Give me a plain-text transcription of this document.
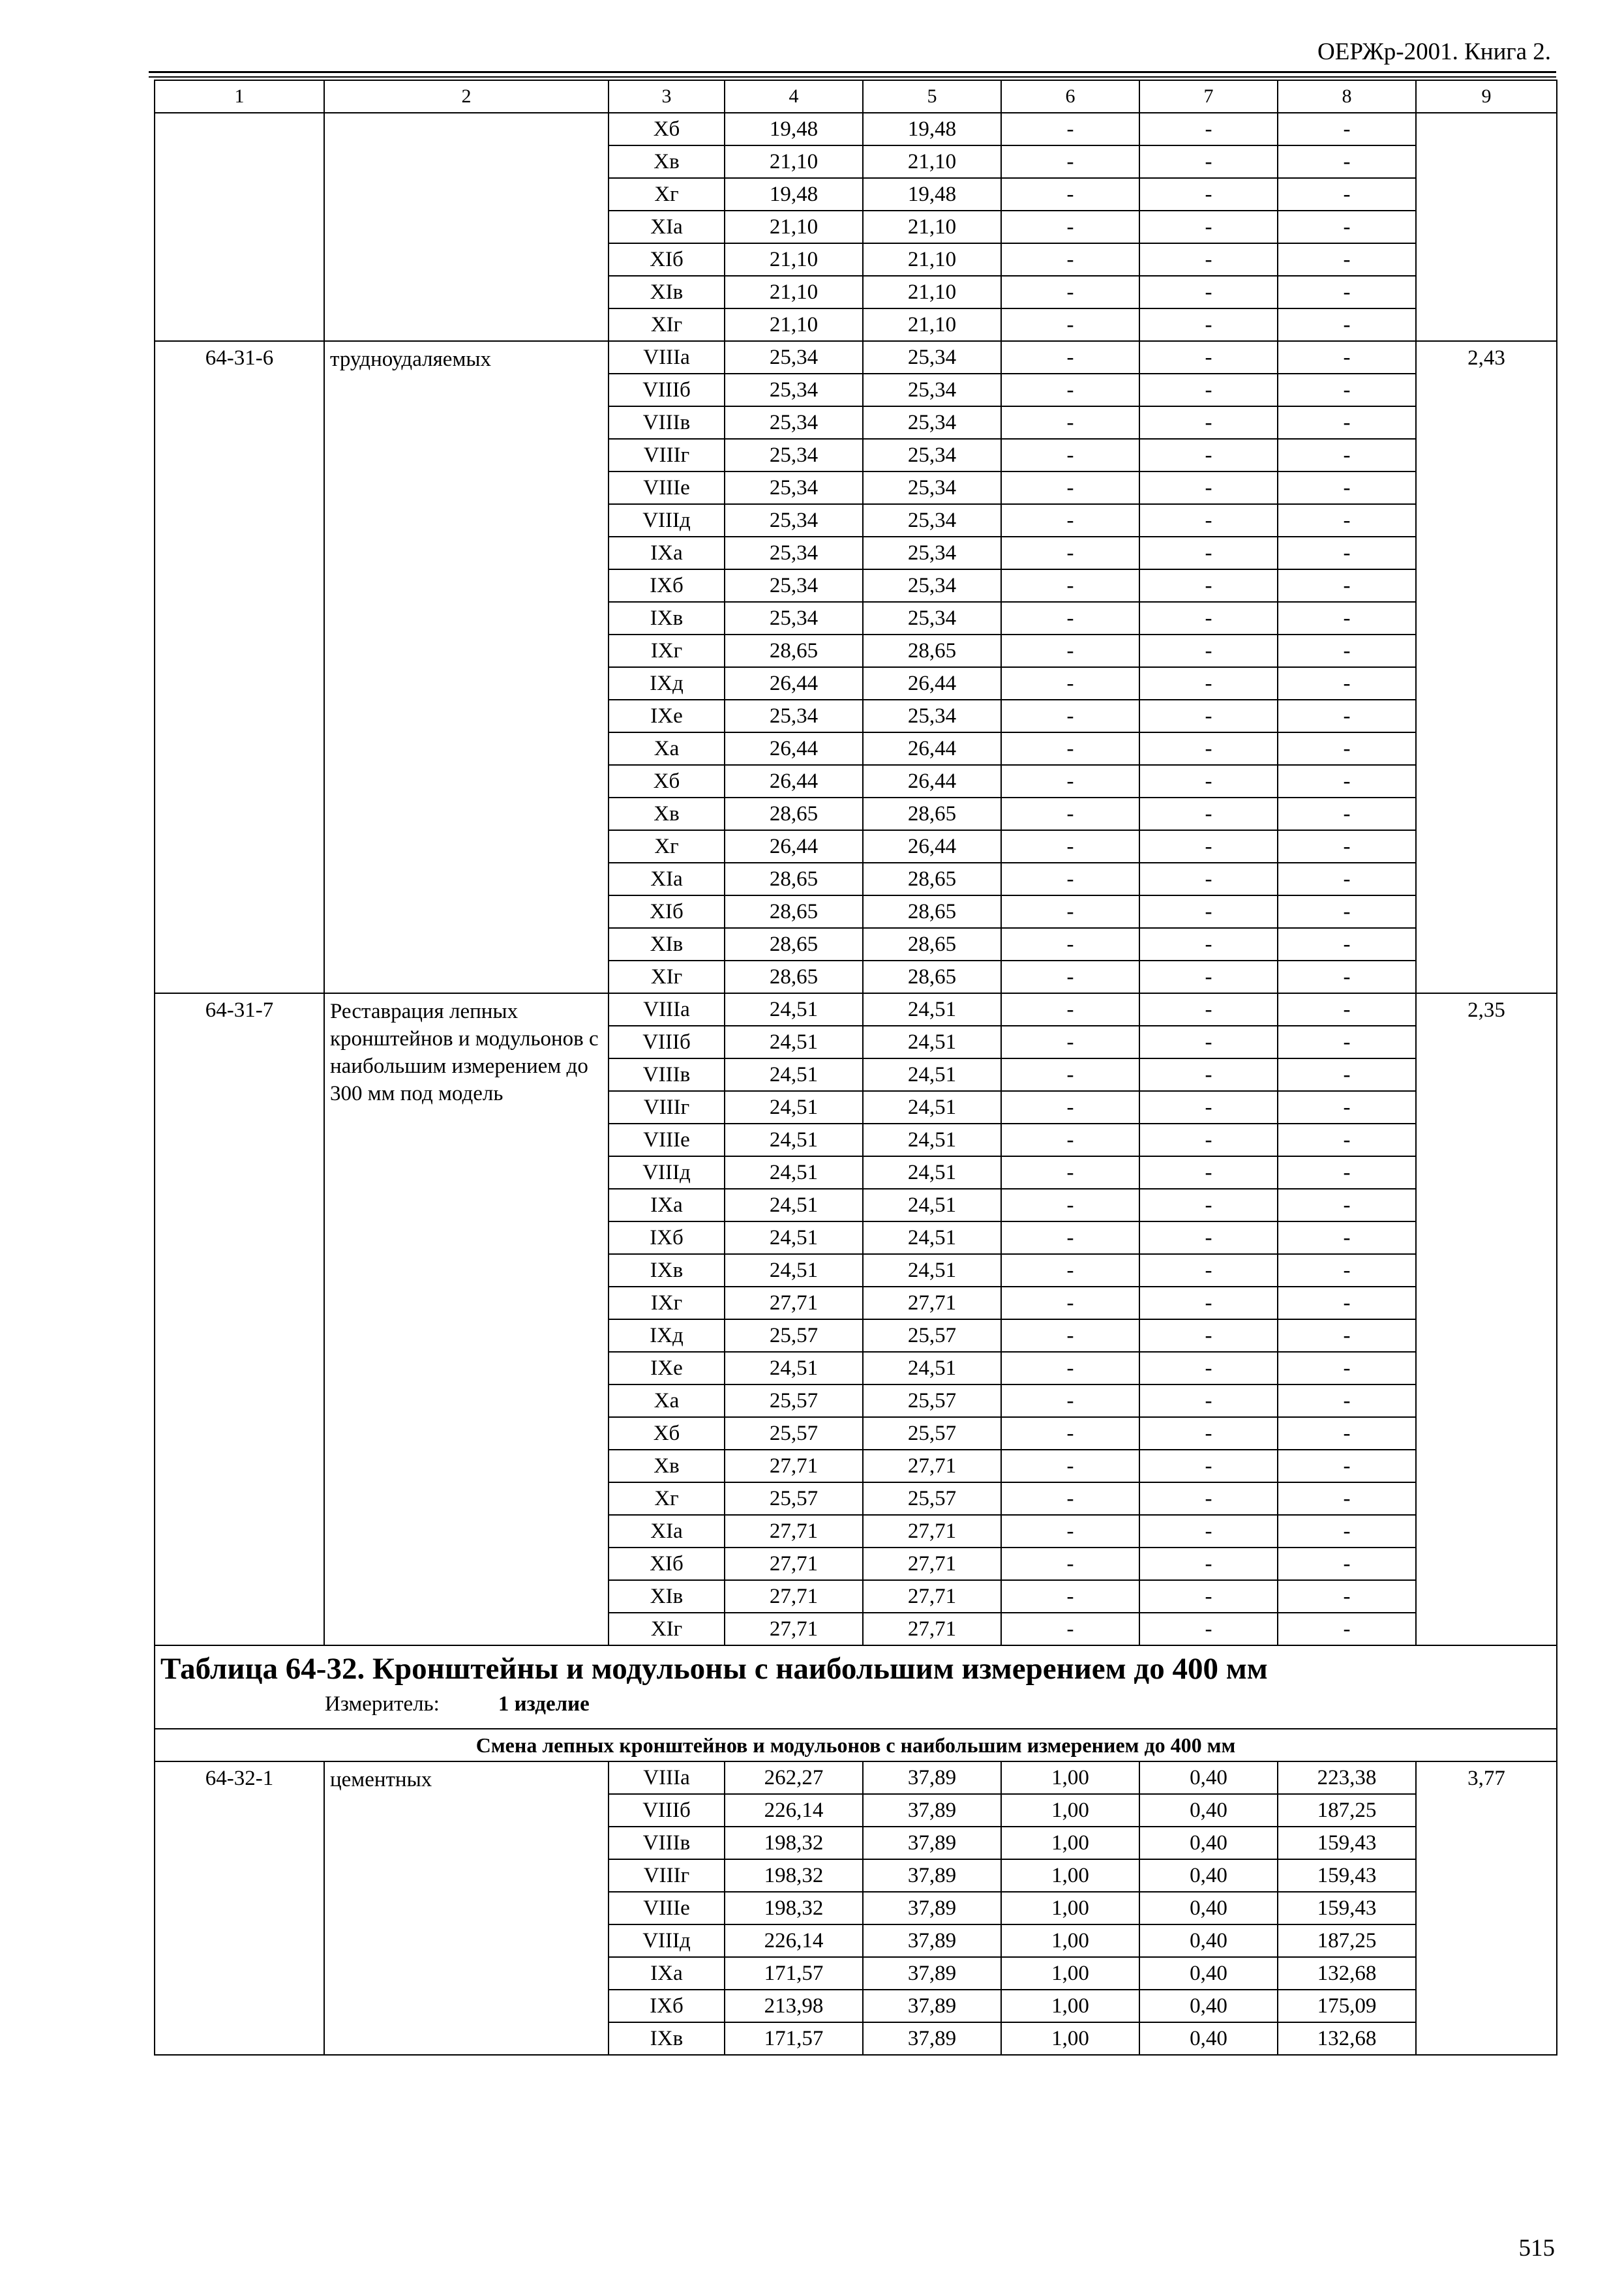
ОЕРЖр-2001. Книга 2.
1	2	3	4	5	6	7	8	9
		Xб	19,48	19,48	-	-	-	
		Xв	21,10	21,10	-	-	-	
		Xг	19,48	19,48	-	-	-	
		XIа	21,10	21,10	-	-	-	
		XIб	21,10	21,10	-	-	-	
		XIв	21,10	21,10	-	-	-	
		XIг	21,10	21,10	-	-	-	
64-31-6	трудноудаляемых	VIIIа	25,34	25,34	-	-	-	2,43
		VIIIб	25,34	25,34	-	-	-	
		VIIIв	25,34	25,34	-	-	-	
		VIIIг	25,34	25,34	-	-	-	
		VIIIе	25,34	25,34	-	-	-	
		VIIIд	25,34	25,34	-	-	-	
		IXа	25,34	25,34	-	-	-	
		IXб	25,34	25,34	-	-	-	
		IXв	25,34	25,34	-	-	-	
		IXг	28,65	28,65	-	-	-	
		IXд	26,44	26,44	-	-	-	
		IXе	25,34	25,34	-	-	-	
		Xа	26,44	26,44	-	-	-	
		Xб	26,44	26,44	-	-	-	
		Xв	28,65	28,65	-	-	-	
		Xг	26,44	26,44	-	-	-	
		XIа	28,65	28,65	-	-	-	
		XIб	28,65	28,65	-	-	-	
		XIв	28,65	28,65	-	-	-	
		XIг	28,65	28,65	-	-	-	
64-31-7	Реставрация лепных кронштейнов и модульонов с наибольшим измерением до 300 мм под модель	VIIIа	24,51	24,51	-	-	-	2,35
		VIIIб	24,51	24,51	-	-	-	
		VIIIв	24,51	24,51	-	-	-	
		VIIIг	24,51	24,51	-	-	-	
		VIIIе	24,51	24,51	-	-	-	
		VIIIд	24,51	24,51	-	-	-	
		IXа	24,51	24,51	-	-	-	
		IXб	24,51	24,51	-	-	-	
		IXв	24,51	24,51	-	-	-	
		IXг	27,71	27,71	-	-	-	
		IXд	25,57	25,57	-	-	-	
		IXе	24,51	24,51	-	-	-	
		Xа	25,57	25,57	-	-	-	
		Xб	25,57	25,57	-	-	-	
		Xв	27,71	27,71	-	-	-	
		Xг	25,57	25,57	-	-	-	
		XIа	27,71	27,71	-	-	-	
		XIб	27,71	27,71	-	-	-	
		XIв	27,71	27,71	-	-	-	
		XIг	27,71	27,71	-	-	-	

Таблица 64-32. Кронштейны и модульоны с наибольшим измерением до 400 мм
Измеритель: 1 изделие								

Смена лепных кронштейнов и модульонов с наибольшим измерением до 400 мм								
64-32-1	цементных	VIIIа	262,27	37,89	1,00	0,40	223,38	3,77
		VIIIб	226,14	37,89	1,00	0,40	187,25	
		VIIIв	198,32	37,89	1,00	0,40	159,43	
		VIIIг	198,32	37,89	1,00	0,40	159,43	
		VIIIе	198,32	37,89	1,00	0,40	159,43	
		VIIIд	226,14	37,89	1,00	0,40	187,25	
		IXа	171,57	37,89	1,00	0,40	132,68	
		IXб	213,98	37,89	1,00	0,40	175,09	
		IXв	171,57	37,89	1,00	0,40	132,68	
515
